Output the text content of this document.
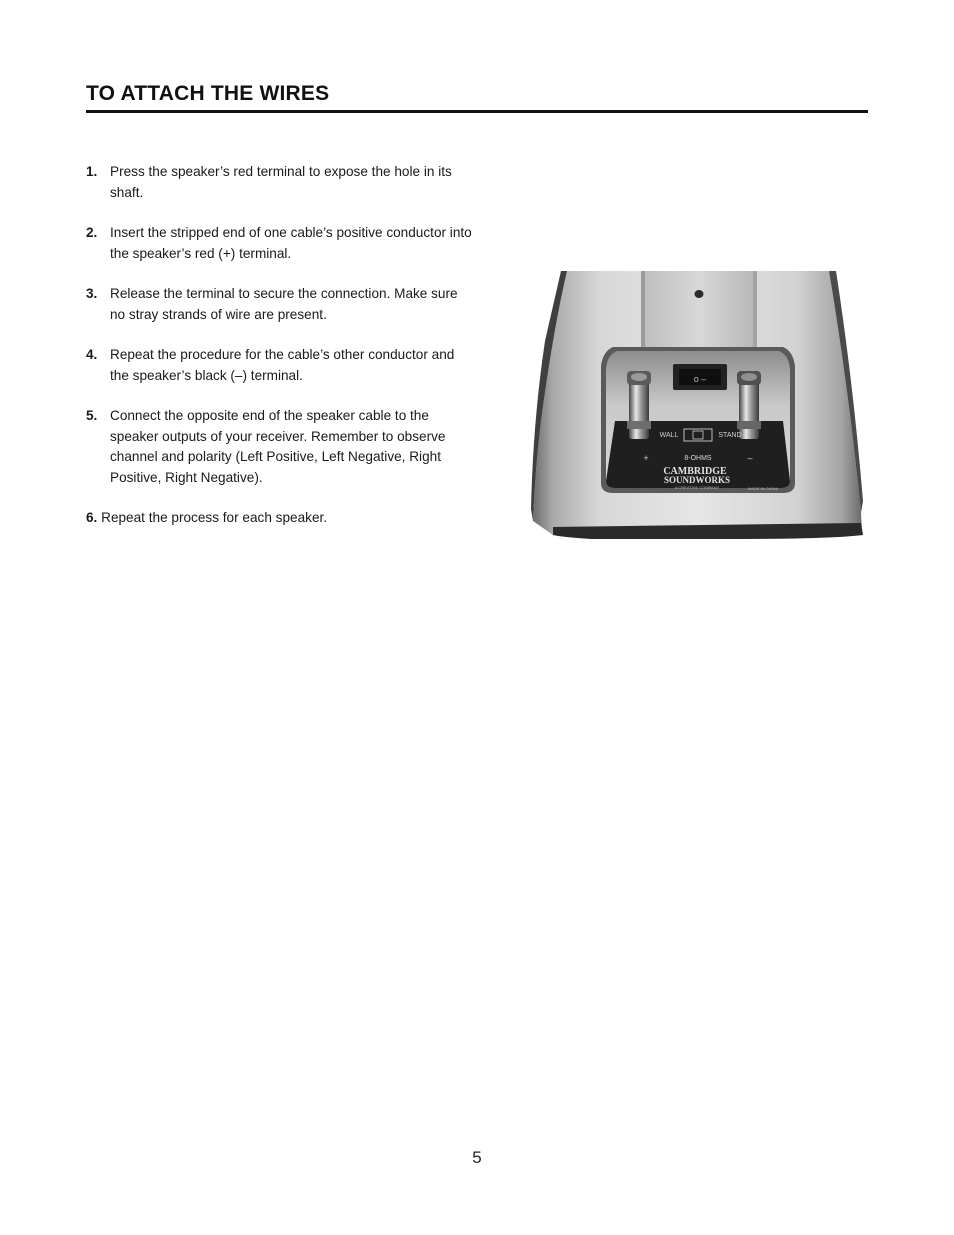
TO ATTACH THE WIRES
1. Press the speaker’s red terminal to expose the hole in its shaft.
2. Insert the stripped end of one cable’s positive conductor into the speaker’s red (+) terminal.
3. Release the terminal to secure the connection. Make sure no stray strands of wire are present.
4. Repeat the procedure for the cable’s other conductor and the speaker’s black (–) terminal.
5. Connect the opposite end of the speaker cable to the speaker outputs of your receiver. Remember to observe channel and polarity (Left Positive, Left Negative, Right Positive, Right Negative).
6. Repeat the process for each speaker.
o –
WALL	STAND
+	8-OHMS	–
CAMBRIDGE
SOUNDWORKS
A CREATIVE COMPANY	MADE IN CHINA
5
